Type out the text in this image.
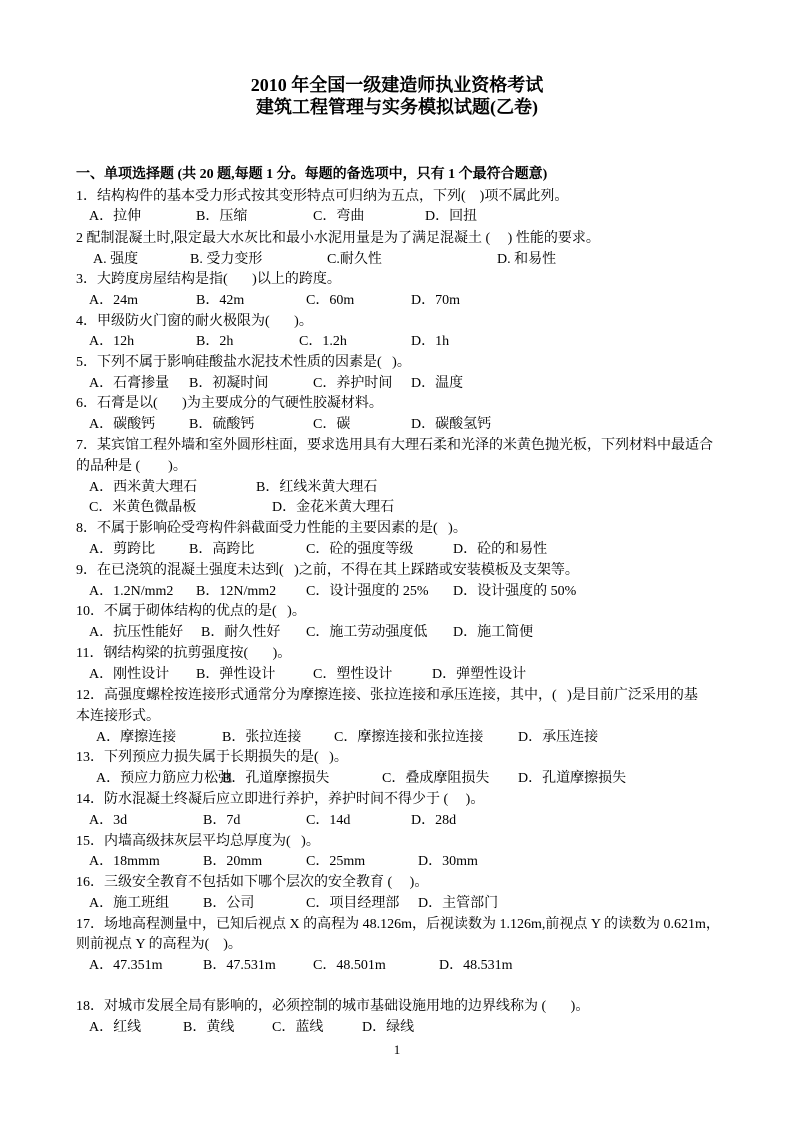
2010 年全国一级建造师执业资格考试
建筑工程管理与实务模拟试题(乙卷)
一、单项选择题 (共 20 题,每题 1 分。每题的备选项中，只有 1 个最符合题意)
1．结构构件的基本受力形式按其变形特点可归纳为五点，下列(    )项不属此列。
A．拉伸	B．压缩	C．弯曲	D．回扭
2 配制混凝土时,限定最大水灰比和最小水泥用量是为了满足混凝土 (     ) 性能的要求。
A. 强度	B. 受力变形	C.耐久性	D. 和易性
3．大跨度房屋结构是指(       )以上的跨度。
A．24m	B．42m	C．60m	D．70m
4．甲级防火门窗的耐火极限为(       )。
A．12h	B．2h	C．1.2h	D．1h
5．下列不属于影响硅酸盐水泥技术性质的因素是(   )。
A．石膏掺量 B．初凝时间	C．养护时间 D．温度
6．石膏是以(       )为主要成分的气硬性胶凝材料。
A．碳酸钙 B．硫酸钙	C．碳	D．碳酸氢钙
7．某宾馆工程外墙和室外圆形柱面，要求选用具有大理石柔和光泽的米黄色抛光板，下列材料中最适合
的品种是 (        )。
A．西米黄大理石	B．红线米黄大理石
C．米黄色微晶板	D．金花米黄大理石
8．不属于影响砼受弯构件斜截面受力性能的主要因素的是(   )。
A．剪跨比 B．高跨比	C．砼的强度等级	D．砼的和易性
9．在已浇筑的混凝土强度未达到(   )之前，不得在其上踩踏或安装模板及支架等。
A．1.2N/mm2 B．12N/mm2 C．设计强度的 25% D．设计强度的 50%
10．不属于砌体结构的优点的是(   )。
A．抗压性能好 B．耐久性好 C．施工劳动强度低 D．施工简便
11．钢结构梁的抗剪强度按(       )。
A．刚性设计 B．弹性设计	C．塑性设计	D．弹塑性设计
12．高强度螺栓按连接形式通常分为摩擦连接、张拉连接和承压连接，其中，(   )是目前广泛采用的基
本连接形式。
A．摩擦连接	B．张拉连接 C．摩擦连接和张拉连接 D．承压连接
13．下列预应力损失属于长期损失的是(   )。
A．预应力筋应力松弛
B．孔道摩擦损失	C．叠成摩阻损失 D．孔道摩擦损失
14．防水混凝土终凝后应立即进行养护，养护时间不得少于 (     )。
A．3d	B．7d	C．14d	D．28d
15．内墙高级抹灰层平均总厚度为(   )。
A．18mmm	B．20mm	C．25mm	D．30mm
16．三级安全教育不包括如下哪个层次的安全教育 (     )。
A．施工班组 B．公司	C．项目经理部 D．主管部门
17．场地高程测量中，已知后视点 X 的高程为 48.126m，后视读数为 1.126m,前视点 Y 的读数为 0.621m，
则前视点 Y 的高程为(    )。
A．47.351m	B．47.531m	C．48.501m	D．48.531m
18．对城市发展全局有影响的，必须控制的城市基础设施用地的边界线称为 (       )。
A．红线	B．黄线	C．蓝线	D．绿线
1
